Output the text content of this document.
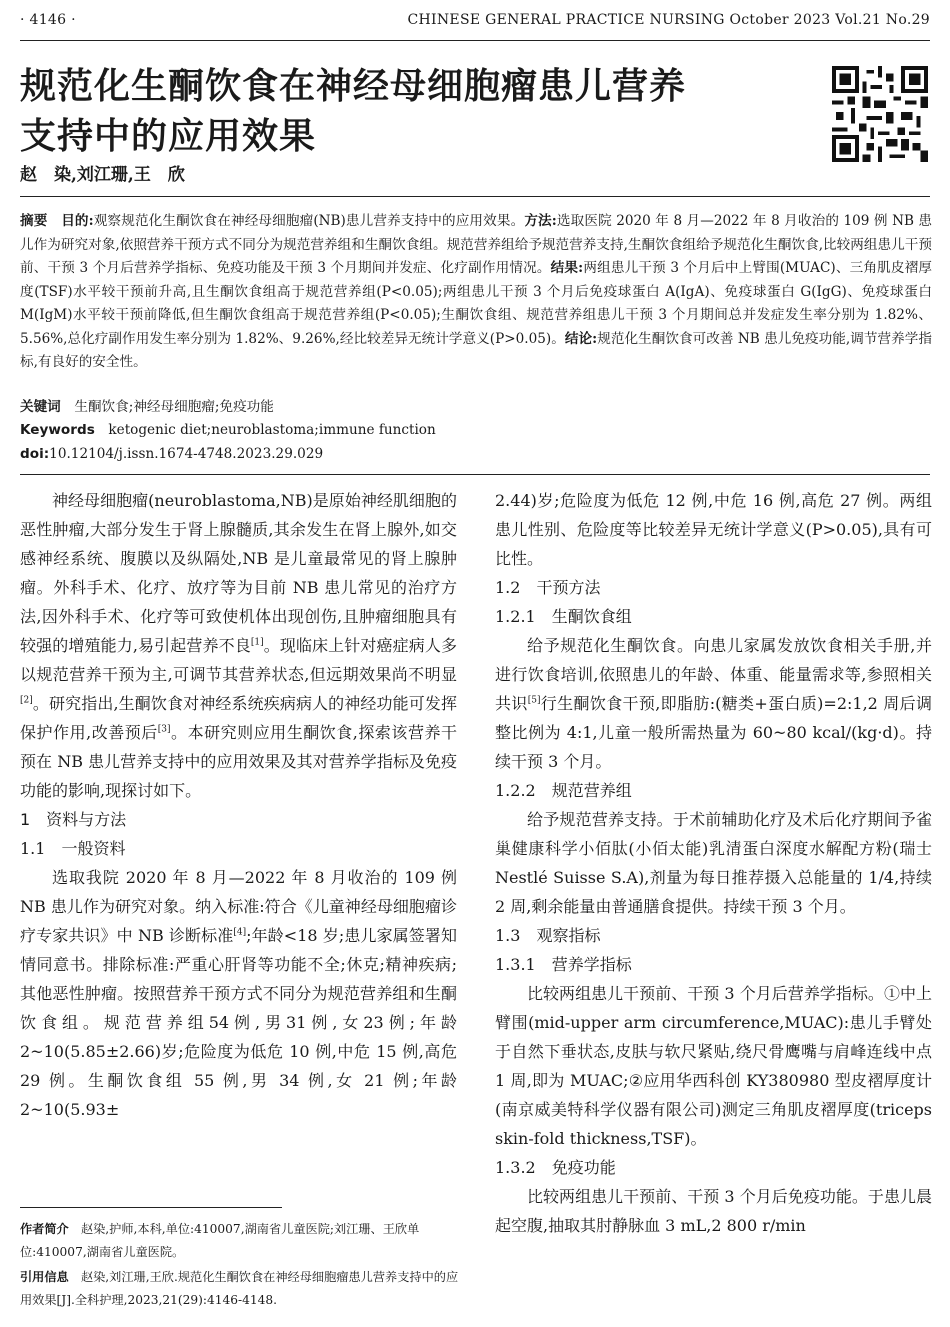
· 4146 ·	CHINESE GENERAL PRACTICE NURSING October 2023 Vol.21 No.29
规范化生酮饮食在神经母细胞瘤患儿营养
支持中的应用效果
赵　染,刘江珊,王　欣
摘要　 目的:观察规范化生酮饮食在神经母细胞瘤(NB)患儿营养支持中的应用效果。方法:选取医院 2020 年 8 月—2022 年 8 月收治的 109 例 NB 患儿作为研究对象,依照营养干预方式不同分为规范营养组和生酮饮食组。规范营养组给予规范营养支持,生酮饮食组给予规范化生酮饮食,比较两组患儿干预前、干预 3 个月后营养学指标、免疫功能及干预 3 个月期间并发症、化疗副作用情况。结果:两组患儿干预 3 个月后中上臂围(MUAC)、三角肌皮褶厚度(TSF)水平较干预前升高,且生酮饮食组高于规范营养组(P<0.05);两组患儿干预 3 个月后免疫球蛋白 A(IgA)、免疫球蛋白 G(IgG)、免疫球蛋白 M(IgM)水平较干预前降低,但生酮饮食组高于规范营养组(P<0.05);生酮饮食组、规范营养组患儿干预 3 个月期间总并发症发生率分别为 1.82%、5.56%,总化疗副作用发生率分别为 1.82%、9.26%,经比较差异无统计学意义(P>0.05)。结论:规范化生酮饮食可改善 NB 患儿免疫功能,调节营养学指标,有良好的安全性。
关键词　 生酮饮食;神经母细胞瘤;免疫功能
Keywords　 ketogenic diet;neuroblastoma;immune function
doi:10.12104/j.issn.1674-4748.2023.29.029

神经母细胞瘤(neuroblastoma,NB)是原始神经肌细胞的恶性肿瘤,大部分发生于肾上腺髓质,其余发生在肾上腺外,如交感神经系统、腹膜以及纵隔处,NB 是儿童最常见的肾上腺肿瘤。外科手术、化疗、放疗等为目前 NB 患儿常见的治疗方法,因外科手术、化疗等可致使机体出现创伤,且肿瘤细胞具有较强的增殖能力,易引起营养不良[1]。现临床上针对癌症病人多以规范营养干预为主,可调节其营养状态,但远期效果尚不明显[2]。研究指出,生酮饮食对神经系统疾病病人的神经功能可发挥保护作用,改善预后[3]。本研究则应用生酮饮食,探索该营养干预在 NB 患儿营养支持中的应用效果及其对营养学指标及免疫功能的影响,现探讨如下。

1　资料与方法

1.1　一般资料

选取我院 2020 年 8 月—2022 年 8 月收治的 109 例 NB 患儿作为研究对象。纳入标准:符合《儿童神经母细胞瘤诊疗专家共识》中 NB 诊断标准[4];年龄<18 岁;患儿家属签署知情同意书。排除标准:严重心肝肾等功能不全;休克;精神疾病;其他恶性肿瘤。按照营养干预方式不同分为规范营养组和生酮饮食组。规范营养组54例,男31例,女23例;年龄2~10(5.85±2.66)岁;危险度为低危 10 例,中危 15 例,高危 29 例。生酮饮食组 55 例,男 34 例,女 21 例;年龄 2~10(5.93±

作者简介　 赵染,护师,本科,单位:410007,湖南省儿童医院;刘江珊、王欣单位:410007,湖南省儿童医院。
引用信息　 赵染,刘江珊,王欣.规范化生酮饮食在神经母细胞瘤患儿营养支持中的应用效果[J].全科护理,2023,21(29):4146-4148.

2.44)岁;危险度为低危 12 例,中危 16 例,高危 27 例。两组患儿性别、危险度等比较差异无统计学意义(P>0.05),具有可比性。

1.2　干预方法

1.2.1　生酮饮食组

给予规范化生酮饮食。向患儿家属发放饮食相关手册,并进行饮食培训,依照患儿的年龄、体重、能量需求等,参照相关共识[5]行生酮饮食干预,即脂肪:(糖类+蛋白质)=2:1,2 周后调整比例为 4:1,儿童一般所需热量为 60~80 kcal/(kg·d)。持续干预 3 个月。

1.2.2　规范营养组

给予规范营养支持。于术前辅助化疗及术后化疗期间予雀巢健康科学小佰肽(小佰太能)乳清蛋白深度水解配方粉(瑞士 Nestlé Suisse S.A),剂量为每日推荐摄入总能量的 1/4,持续 2 周,剩余能量由普通膳食提供。持续干预 3 个月。

1.3　观察指标

1.3.1　营养学指标

比较两组患儿干预前、干预 3 个月后营养学指标。①中上臂围(mid-upper arm circumference,MUAC):患儿手臂处于自然下垂状态,皮肤与软尺紧贴,绕尺骨鹰嘴与肩峰连线中点 1 周,即为 MUAC;②应用华西科创 KY380980 型皮褶厚度计(南京威美特科学仪器有限公司)测定三角肌皮褶厚度(triceps skin-fold thickness,TSF)。

1.3.2　免疫功能

比较两组患儿干预前、干预 3 个月后免疫功能。于患儿晨起空腹,抽取其肘静脉血 3 mL,2 800 r/min
